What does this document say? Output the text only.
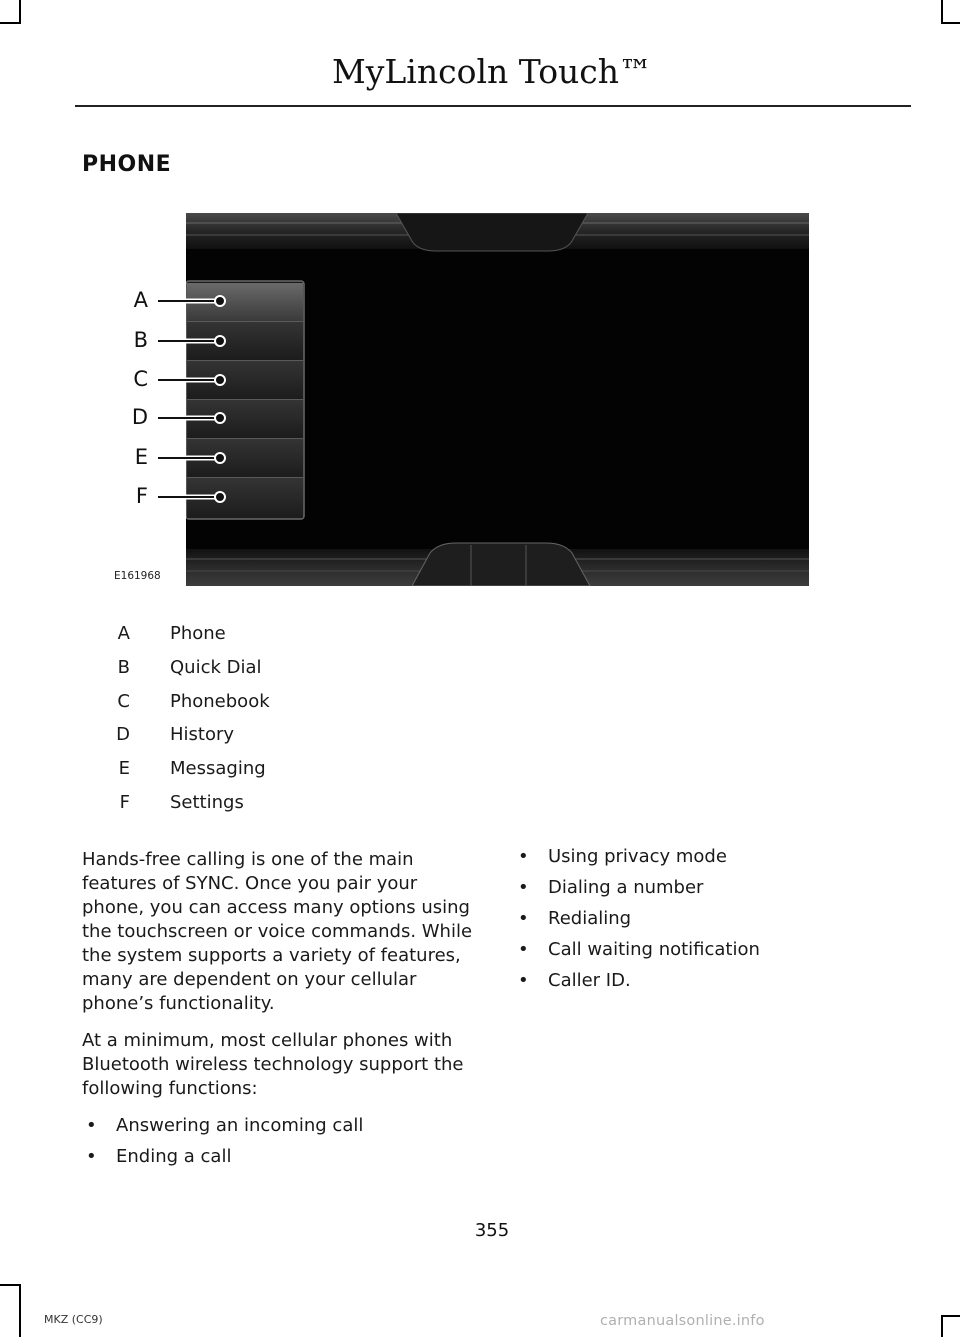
MyLincoln Touch™
PHONE
A
B
C
D
E
F
E161968
A Phone
B Quick Dial
C Phonebook
D History
E Messaging
F Settings

Hands-free calling is one of the main features of SYNC. Once you pair your phone, you can access many options using the touchscreen or voice commands. While the system supports a variety of features, many are dependent on your cellular phone’s functionality.

At a minimum, most cellular phones with Bluetooth wireless technology support the following functions:

• Answering an incoming call
• Ending a call
• Using privacy mode
• Dialing a number
• Redialing
• Call waiting notification
• Caller ID.
355
MKZ (CC9)	carmanualsonline.info
